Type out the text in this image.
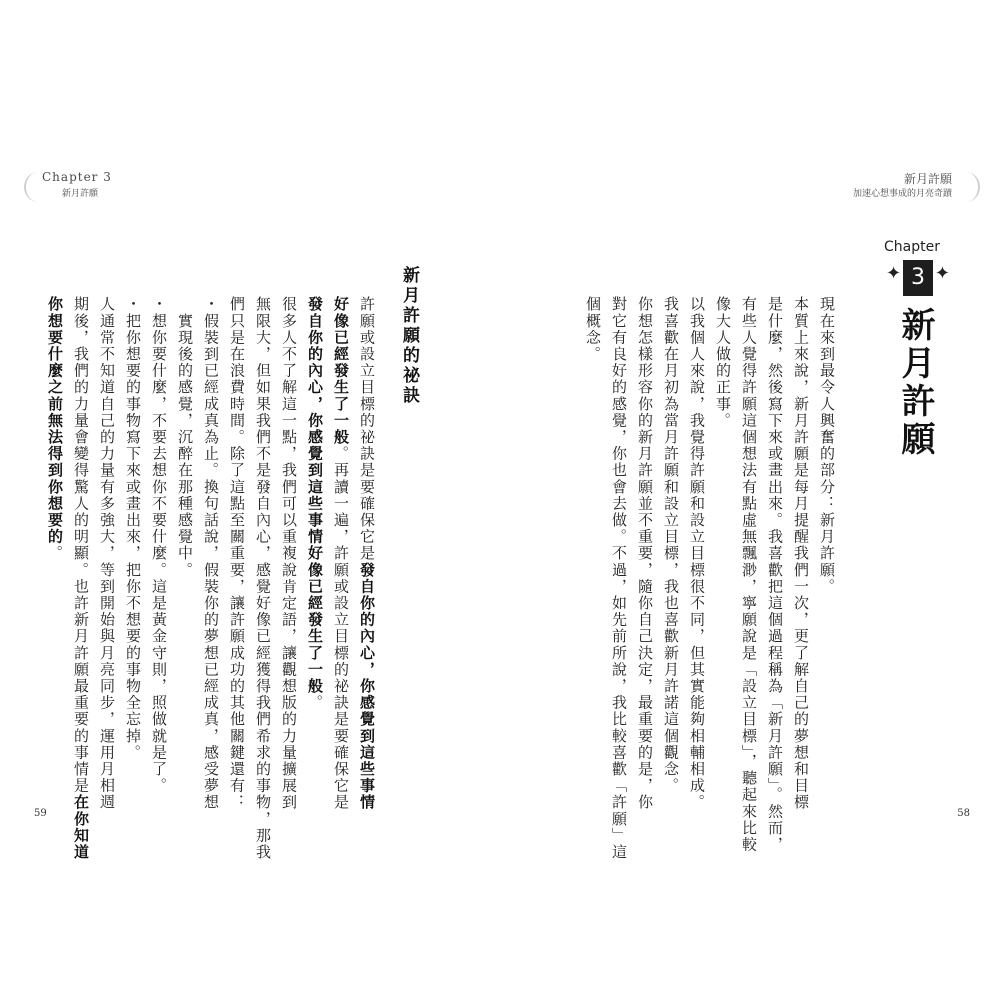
Chapter 3
新月許願
新月許願
加速心想事成的月亮奇蹟
Chapter
✦ 3 ✦
新月許願
現在來到最令人興奮的部分：新月許願。
本質上來說，新月許願是每月提醒我們一次，更了解自己的夢想和目標
是什麼，然後寫下來或畫出來。我喜歡把這個過程稱為「新月許願」。然而，
有些人覺得許願這個想法有點虛無飄渺，寧願說是「設立目標」，聽起來比較
像大人做的正事。
以我個人來說，我覺得許願和設立目標很不同，但其實能夠相輔相成。
我喜歡在月初為當月許願和設立目標，我也喜歡新月許諾這個觀念。
你想怎樣形容你的新月許願並不重要，隨你自己決定，最重要的是，你
對它有良好的感覺，你也會去做。不過，如先前所說，我比較喜歡「許願」這
個概念。
新月許願的祕訣
許願或設立目標的祕訣是要確保它是發自你的內心，你感覺到這些事情
好像已經發生了一般。再讀一遍，許願或設立目標的祕訣是要確保它是
發自你的內心，你感覺到這些事情好像已經發生了一般。
很多人不了解這一點，我們可以重複說肯定語，讓觀想版的力量擴展到
無限大，但如果我們不是發自內心，感覺好像已經獲得我們希求的事物，那我
們只是在浪費時間。除了這點至關重要，讓許願成功的其他關鍵還有：
・假裝到已經成真為止。換句話說，假裝你的夢想已經成真，感受夢想
　實現後的感覺，沉醉在那種感覺中。
・想你要什麼，不要去想你不要什麼。這是黃金守則，照做就是了。
・把你想要的事物寫下來或畫出來，把你不想要的事物全忘掉。
人通常不知道自己的力量有多強大，等到開始與月亮同步，運用月相週
期後，我們的力量會變得驚人的明顯。也許新月許願最重要的事情是在你知道
你想要什麼之前無法得到你想要的。
59	58
